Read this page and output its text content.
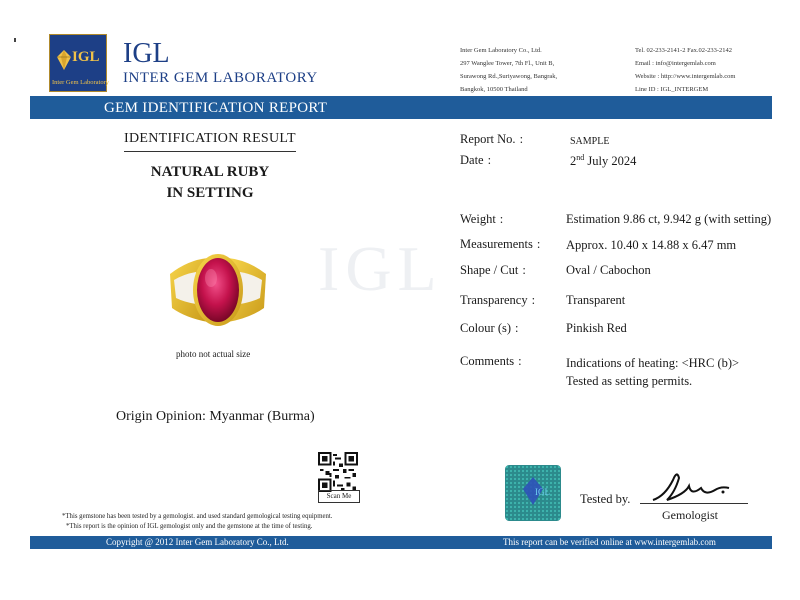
IGL
IGL
Inter Gem Laboratory
IGL
INTER GEM LABORATORY
Inter Gem Laboratory Co., Ltd.
297 Wanglee Tower, 7th Fl., Unit B,
Surawong Rd.,Suriyawong, Bangrak,
Bangkok, 10500 Thailand
Tel. 02-233-2141-2 Fax.02-233-2142
Email : info@intergemlab.com
Website : http://www.intergemlab.com
Line ID : IGL_INTERGEM
GEM IDENTIFICATION REPORT
IDENTIFICATION RESULT
NATURAL RUBY
IN SETTING
photo not actual size
Origin Opinion: Myanmar (Burma)
Report No. :	SAMPLE
Date :	2nd July 2024
Weight :	Estimation 9.86 ct, 9.942 g (with setting)
Measurements : Approx. 10.40 x 14.88 x 6.47 mm
Shape / Cut :	Oval / Cabochon
Transparency : Transparent
Colour (s) :	Pinkish Red
Comments :	Indications of heating: <HRC (b)>
Tested as setting permits.
Scan Me	IGL Tested by.
Gemologist
*This gemstone has been tested by a gemologist. and used standard gemological testing equipment.
*This report is the opinion of IGL gemologist only and the gemstone at the time of testing.
Copyright @ 2012 Inter Gem Laboratory Co., Ltd.	This report can be verified online at www.intergemlab.com
